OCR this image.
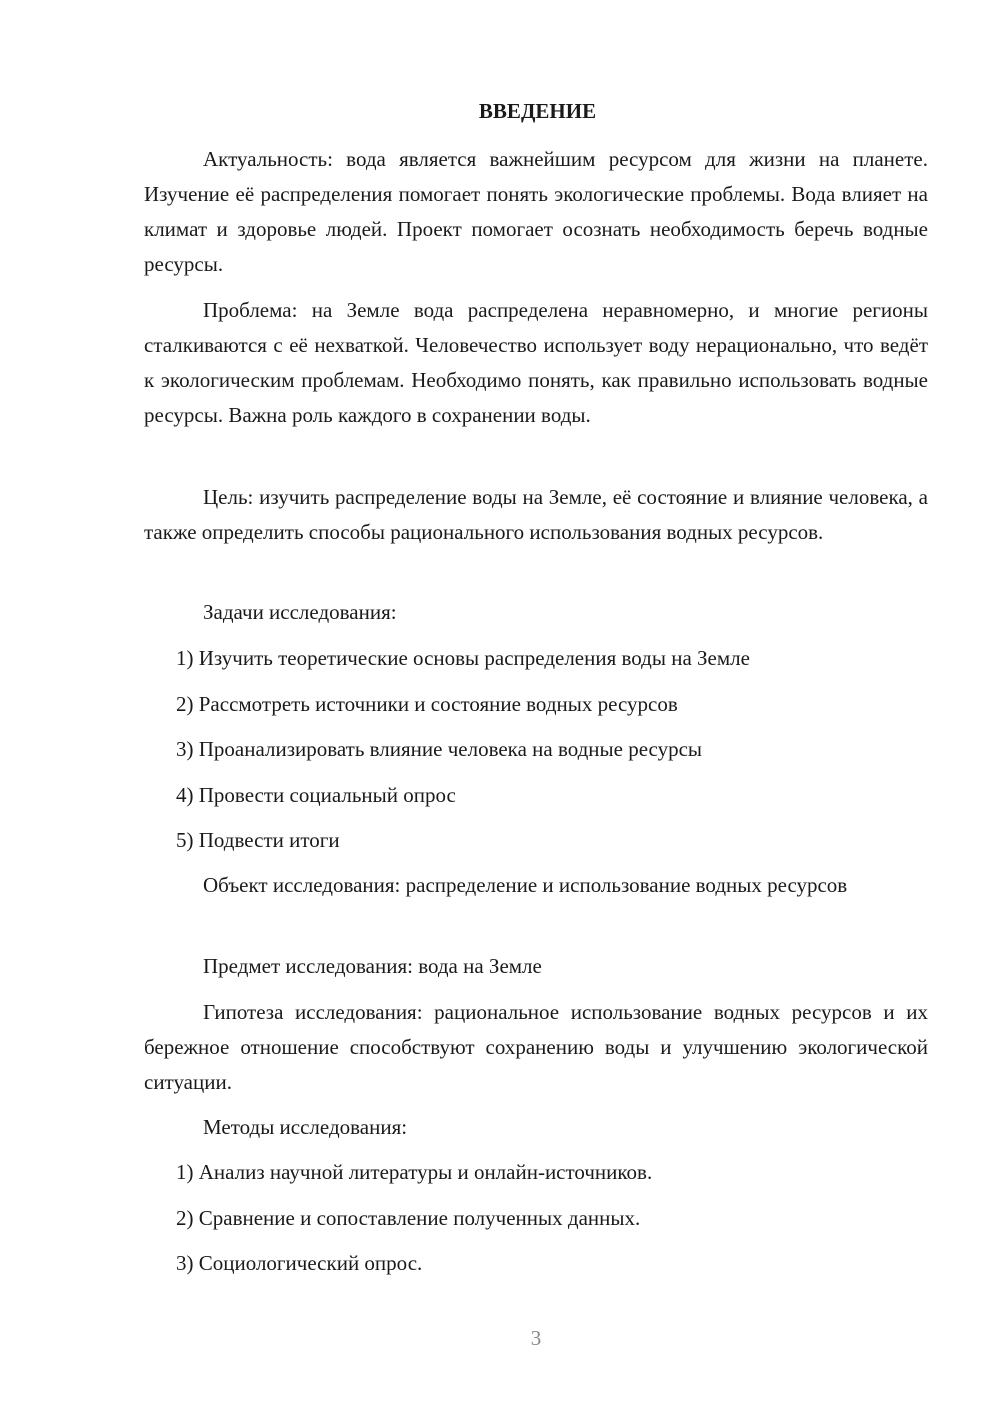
ВВЕДЕНИЕ
Актуальность: вода является важнейшим ресурсом для жизни на планете. Изучение её распределения помогает понять экологические проблемы. Вода влияет на климат и здоровье людей. Проект помогает осознать необходимость беречь водные ресурсы.
Проблема: на Земле вода распределена неравномерно, и многие регионы сталкиваются с её нехваткой. Человечество использует воду нерационально, что ведёт к экологическим проблемам. Необходимо понять, как правильно использовать водные ресурсы. Важна роль каждого в сохранении воды.
Цель: изучить распределение воды на Земле, её состояние и влияние человека, а также определить способы рационального использования водных ресурсов.
Задачи исследования:
1) Изучить теоретические основы распределения воды на Земле
2) Рассмотреть источники и состояние водных ресурсов
3) Проанализировать влияние человека на водные ресурсы
4) Провести социальный опрос
5) Подвести итоги
Объект исследования: распределение и использование водных ресурсов
Предмет исследования: вода на Земле
Гипотеза исследования: рациональное использование водных ресурсов и их бережное отношение способствуют сохранению воды и улучшению экологической ситуации.
Методы исследования:
1) Анализ научной литературы и онлайн-источников.
2) Сравнение и сопоставление полученных данных.
3) Социологический опрос.
3
